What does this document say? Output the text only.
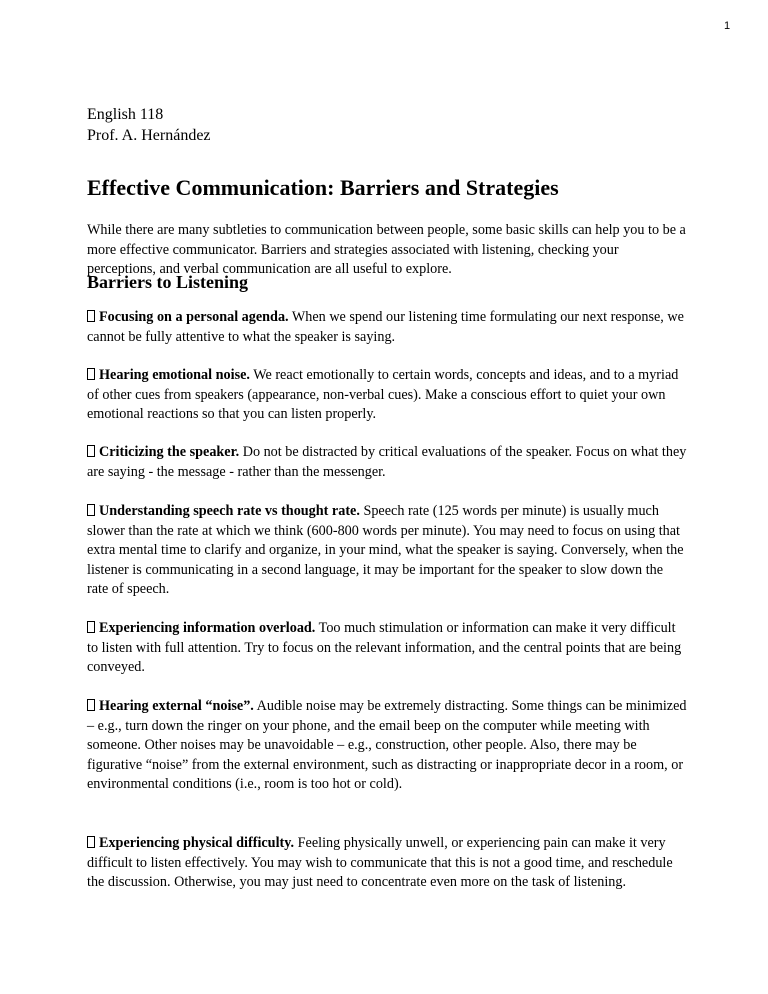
1
English 118
Prof. A. Hernández
Effective Communication: Barriers and Strategies

While there are many subtleties to communication between people, some basic skills can help you to be a more effective communicator. Barriers and strategies associated with listening, checking your perceptions, and verbal communication are all useful to explore.

Barriers to Listening

Focusing on a personal agenda. When we spend our listening time formulating our next response, we cannot be fully attentive to what the speaker is saying.

Hearing emotional noise. We react emotionally to certain words, concepts and ideas, and to a myriad of other cues from speakers (appearance, non-verbal cues). Make a conscious effort to quiet your own emotional reactions so that you can listen properly.

Criticizing the speaker. Do not be distracted by critical evaluations of the speaker. Focus on what they are saying - the message - rather than the messenger.

Understanding speech rate vs thought rate. Speech rate (125 words per minute) is usually much slower than the rate at which we think (600-800 words per minute). You may need to focus on using that extra mental time to clarify and organize, in your mind, what the speaker is saying. Conversely, when the listener is communicating in a second language, it may be important for the speaker to slow down the rate of speech.

Experiencing information overload. Too much stimulation or information can make it very difficult to listen with full attention. Try to focus on the relevant information, and the central points that are being conveyed.

Hearing external “noise”. Audible noise may be extremely distracting. Some things can be minimized – e.g., turn down the ringer on your phone, and the email beep on the computer while meeting with someone. Other noises may be unavoidable – e.g., construction, other people. Also, there may be figurative “noise” from the external environment, such as distracting or inappropriate decor in a room, or environmental conditions (i.e., room is too hot or cold).

Experiencing physical difficulty. Feeling physically unwell, or experiencing pain can make it very difficult to listen effectively. You may wish to communicate that this is not a good time, and reschedule the discussion. Otherwise, you may just need to concentrate even more on the task of listening.
